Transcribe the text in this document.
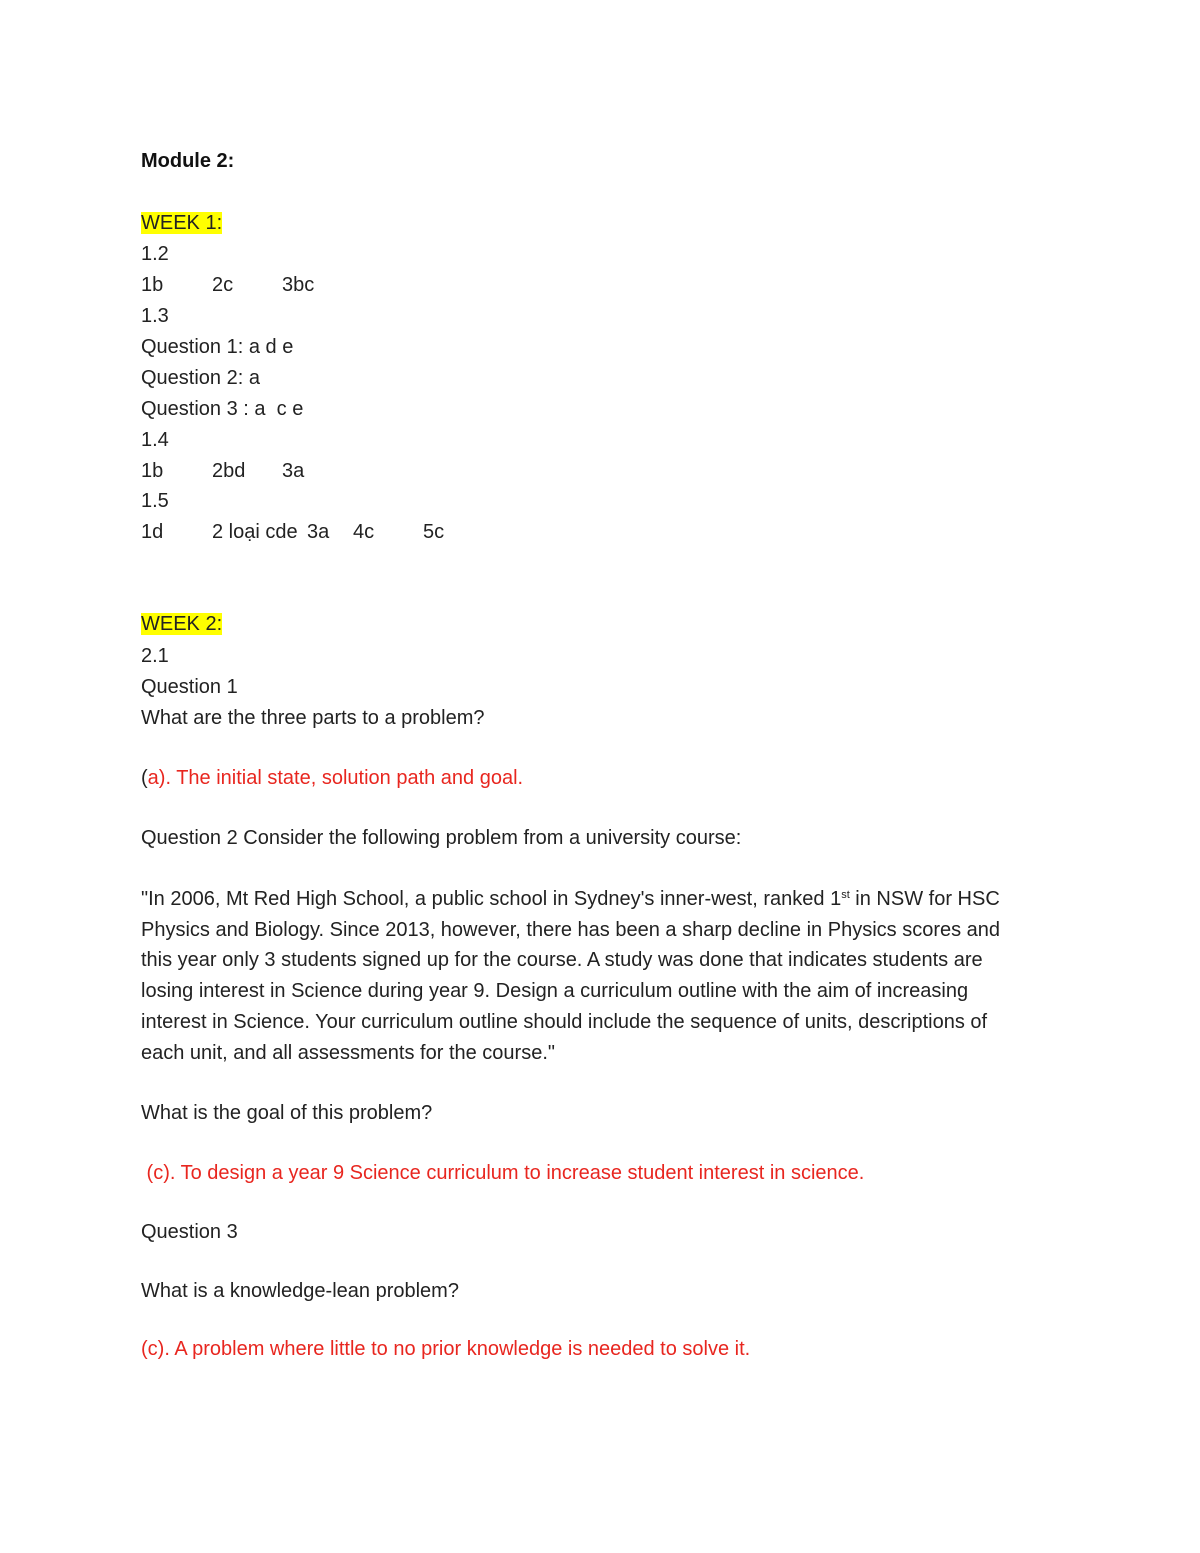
Module 2:
WEEK 1:
1.2
1b 2c 3bc
1.3
Question 1: a d e
Question 2: a
Question 3 : a  c e
1.4
1b 2bd 3a
1.5
1d 2 loại cde 3a 4c 5c
WEEK 2:
2.1
Question 1
What are the three parts to a problem?
(a). The initial state, solution path and goal.
Question 2 Consider the following problem from a university course:
"In 2006, Mt Red High School, a public school in Sydney's inner-west, ranked 1st in NSW for HSC
Physics and Biology. Since 2013, however, there has been a sharp decline in Physics scores and
this year only 3 students signed up for the course. A study was done that indicates students are
losing interest in Science during year 9. Design a curriculum outline with the aim of increasing
interest in Science. Your curriculum outline should include the sequence of units, descriptions of
each unit, and all assessments for the course."
What is the goal of this problem?
(c). To design a year 9 Science curriculum to increase student interest in science.
Question 3
What is a knowledge-lean problem?
(c). A problem where little to no prior knowledge is needed to solve it.
